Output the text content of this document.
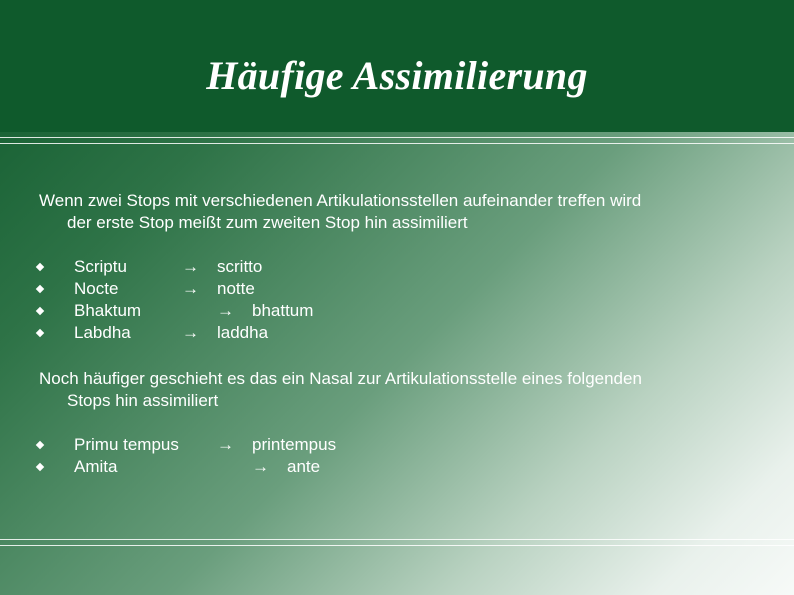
Häufige Assimilierung
Wenn zwei Stops mit verschiedenen Artikulationsstellen aufeinander treffen wird
der erste Stop meißt zum zweiten Stop hin assimiliert
Scriptu	→ scritto
Nocte	→ notte
Bhaktum	→ bhattum
Labdha	→ laddha
Noch häufiger geschieht es das ein Nasal zur Artikulationsstelle eines folgenden
Stops hin assimiliert
Primu tempus → printempus
Amita	→ ante
